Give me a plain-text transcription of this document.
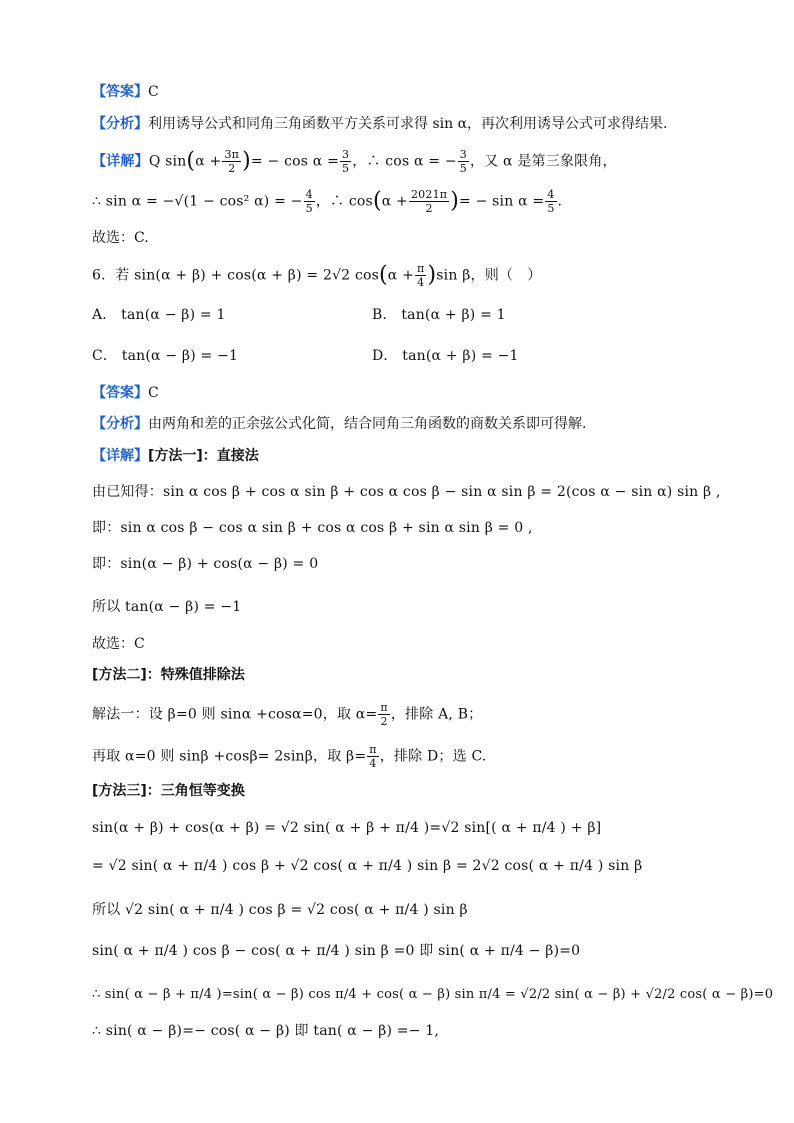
【答案】C
【分析】利用诱导公式和同角三角函数平方关系可求得 sin α，再次利用诱导公式可求得结果.
【详解】Q $\sin(\alpha + \frac{3\pi}{2}$ )= − $\cos \alpha = \frac{3}{5}$ ，∴ cos α = − $\frac{3}{5}$ ，又 α 是第三象限角，
∴ sin α = −√(1 − cos² α) = − $\frac{4}{5}$ ，∴ $\cos(\alpha + \frac{2021\pi}{2}$ )= − $\sin \alpha = \frac{4}{5}$ .
故选：C.
6．若 sin(α + β) + cos(α + β) = 2√2 $\cos(\alpha + \frac{\pi}{4} )\sin$ β，则（　）
A． tan(α − β) = 1	B． tan(α + β) = 1
C． tan(α − β) = −1	D． tan(α + β) = −1
【答案】C
【分析】由两角和差的正余弦公式化简，结合同角三角函数的商数关系即可得解.
【详解】[方法一]：直接法
由已知得：sin α cos β + cos α sin β + cos α cos β − sin α sin β = 2(cos α − sin α) sin β ,
即：sin α cos β − cos α sin β + cos α cos β + sin α sin β = 0 ,
即：sin(α − β) + cos(α − β) = 0
所以 tan(α − β) = −1
故选：C
[方法二]：特殊值排除法
解法一：设 β=0 则 sinα +cosα=0，取 $\alpha= \frac{\pi}{2}$ ，排除 A, B；
再取 α=0 则 sinβ +cosβ= 2sinβ，取 $\beta= \frac{\pi}{4}$ ，排除 D；选 C.
[方法三]：三角恒等变换
sin(α + β) + cos(α + β) = √2 sin( α + β + π/4 )=√2 sin[( α + π/4 ) + β]
= √2 sin( α + π/4 ) cos β + √2 cos( α + π/4 ) sin β = 2√2 cos( α + π/4 ) sin β
所以 √2 sin( α + π/4 ) cos β = √2 cos( α + π/4 ) sin β
sin( α + π/4 ) cos β − cos( α + π/4 ) sin β =0 即 sin( α + π/4 − β)=0
∴ sin( α − β + π/4 )=sin( α − β) cos π/4 + cos( α − β) sin π/4 = √2/2 sin( α − β) + √2/2 cos( α − β)=0
∴ sin( α − β)=− cos( α − β) 即 tan( α − β) =− 1,
